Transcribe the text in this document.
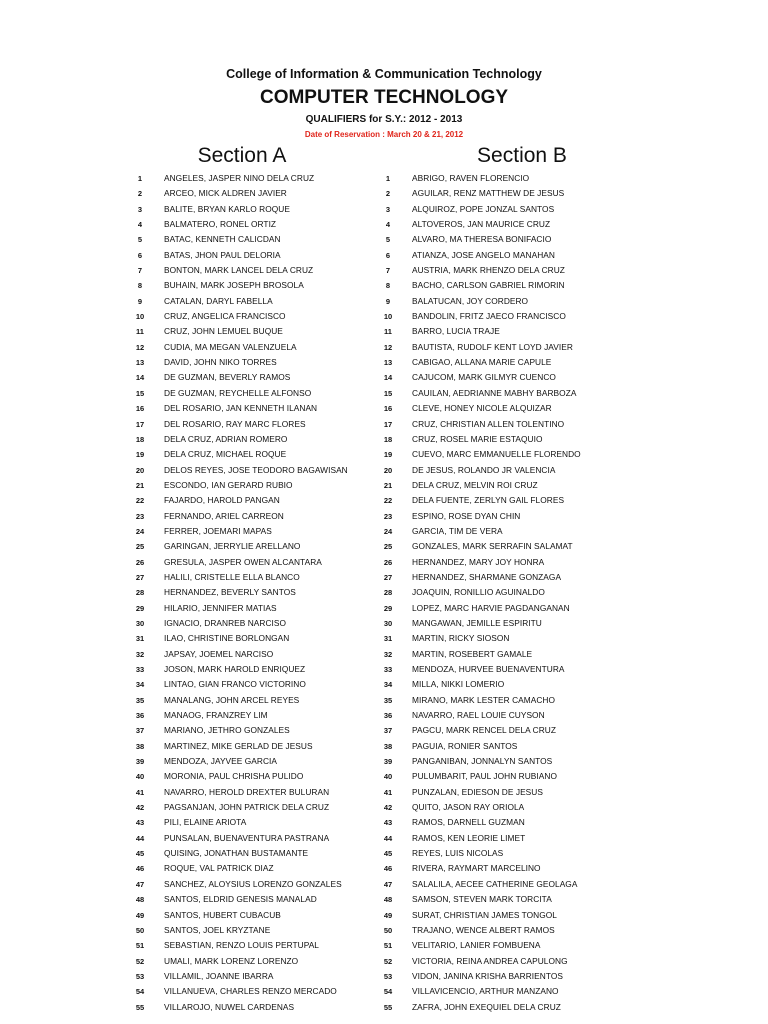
College of Information & Communication Technology

COMPUTER TECHNOLOGY

QUALIFIERS for S.Y.: 2012 - 2013

Date of Reservation : March 20 & 21, 2012

Section A	Section B
1	ANGELES, JASPER NINO DELA CRUZ
2	ARCEO, MICK ALDREN JAVIER
3	BALITE, BRYAN KARLO ROQUE
4	BALMATERO, RONEL ORTIZ
5	BATAC, KENNETH CALICDAN
6	BATAS, JHON PAUL DELORIA
7	BONTON, MARK LANCEL DELA CRUZ
8	BUHAIN, MARK JOSEPH BROSOLA
9	CATALAN, DARYL FABELLA
10	CRUZ, ANGELICA FRANCISCO
11	CRUZ, JOHN LEMUEL BUQUE
12	CUDIA, MA MEGAN VALENZUELA
13	DAVID, JOHN NIKO TORRES
14	DE GUZMAN, BEVERLY RAMOS
15	DE GUZMAN, REYCHELLE ALFONSO
16	DEL ROSARIO, JAN KENNETH ILANAN
17	DEL ROSARIO, RAY MARC FLORES
18	DELA CRUZ, ADRIAN ROMERO
19	DELA CRUZ, MICHAEL ROQUE
20	DELOS REYES, JOSE TEODORO BAGAWISAN
21	ESCONDO, IAN GERARD RUBIO
22	FAJARDO, HAROLD PANGAN
23	FERNANDO, ARIEL CARREON
24	FERRER, JOEMARI MAPAS
25	GARINGAN, JERRYLIE ARELLANO
26	GRESULA, JASPER OWEN ALCANTARA
27	HALILI, CRISTELLE ELLA BLANCO
28	HERNANDEZ, BEVERLY SANTOS
29	HILARIO, JENNIFER MATIAS
30	IGNACIO, DRANREB NARCISO
31	ILAO, CHRISTINE BORLONGAN
32	JAPSAY, JOEMEL NARCISO
33	JOSON, MARK HAROLD ENRIQUEZ
34	LINTAO, GIAN FRANCO VICTORINO
35	MANALANG, JOHN ARCEL REYES
36	MANAOG, FRANZREY LIM
37	MARIANO, JETHRO GONZALES
38	MARTINEZ, MIKE GERLAD DE JESUS
39	MENDOZA, JAYVEE GARCIA
40	MORONIA, PAUL CHRISHA PULIDO
41	NAVARRO, HEROLD DREXTER BULURAN
42	PAGSANJAN, JOHN PATRICK DELA CRUZ
43	PILI, ELAINE ARIOTA
44	PUNSALAN, BUENAVENTURA PASTRANA
45	QUISING, JONATHAN BUSTAMANTE
46	ROQUE, VAL PATRICK DIAZ
47	SANCHEZ, ALOYSIUS LORENZO GONZALES
48	SANTOS, ELDRID GENESIS MANALAD
49	SANTOS, HUBERT CUBACUB
50	SANTOS, JOEL KRYZTANE
51	SEBASTIAN, RENZO LOUIS PERTUPAL
52	UMALI, MARK LORENZ LORENZO
53	VILLAMIL, JOANNE IBARRA
54	VILLANUEVA, CHARLES RENZO MERCADO
55	VILLAROJO, NUWEL CARDENAS
1	ABRIGO, RAVEN FLORENCIO
2	AGUILAR, RENZ MATTHEW DE JESUS
3	ALQUIROZ, POPE JONZAL SANTOS
4	ALTOVEROS, JAN MAURICE CRUZ
5	ALVARO, MA THERESA BONIFACIO
6	ATIANZA, JOSE ANGELO MANAHAN
7	AUSTRIA, MARK RHENZO DELA CRUZ
8	BACHO, CARLSON GABRIEL RIMORIN
9	BALATUCAN, JOY CORDERO
10	BANDOLIN, FRITZ JAECO FRANCISCO
11	BARRO, LUCIA TRAJE
12	BAUTISTA, RUDOLF KENT LOYD JAVIER
13	CABIGAO, ALLANA MARIE CAPULE
14	CAJUCOM, MARK GILMYR CUENCO
15	CAUILAN, AEDRIANNE MABHY BARBOZA
16	CLEVE, HONEY NICOLE ALQUIZAR
17	CRUZ, CHRISTIAN ALLEN TOLENTINO
18	CRUZ, ROSEL MARIE ESTAQUIO
19	CUEVO, MARC EMMANUELLE FLORENDO
20	DE JESUS, ROLANDO JR VALENCIA
21	DELA CRUZ, MELVIN ROI CRUZ
22	DELA FUENTE, ZERLYN GAIL FLORES
23	ESPINO, ROSE DYAN CHIN
24	GARCIA, TIM DE VERA
25	GONZALES, MARK SERRAFIN SALAMAT
26	HERNANDEZ, MARY JOY HONRA
27	HERNANDEZ, SHARMANE GONZAGA
28	JOAQUIN, RONILLIO AGUINALDO
29	LOPEZ, MARC HARVIE PAGDANGANAN
30	MANGAWAN, JEMILLE ESPIRITU
31	MARTIN, RICKY SIOSON
32	MARTIN, ROSEBERT GAMALE
33	MENDOZA, HURVEE BUENAVENTURA
34	MILLA, NIKKI LOMERIO
35	MIRANO, MARK LESTER CAMACHO
36	NAVARRO, RAEL LOUIE CUYSON
37	PAGCU, MARK RENCEL DELA CRUZ
38	PAGUIA, RONIER SANTOS
39	PANGANIBAN, JONNALYN SANTOS
40	PULUMBARIT, PAUL JOHN RUBIANO
41	PUNZALAN, EDIESON DE JESUS
42	QUITO, JASON RAY ORIOLA
43	RAMOS, DARNELL GUZMAN
44	RAMOS, KEN LEORIE LIMET
45	REYES, LUIS NICOLAS
46	RIVERA, RAYMART MARCELINO
47	SALALILA, AECEE CATHERINE GEOLAGA
48	SAMSON, STEVEN MARK TORCITA
49	SURAT, CHRISTIAN JAMES TONGOL
50	TRAJANO, WENCE ALBERT RAMOS
51	VELITARIO, LANIER FOMBUENA
52	VICTORIA, REINA ANDREA CAPULONG
53	VIDON, JANINA KRISHA BARRIENTOS
54	VILLAVICENCIO, ARTHUR MANZANO
55	ZAFRA, JOHN EXEQUIEL DELA CRUZ
